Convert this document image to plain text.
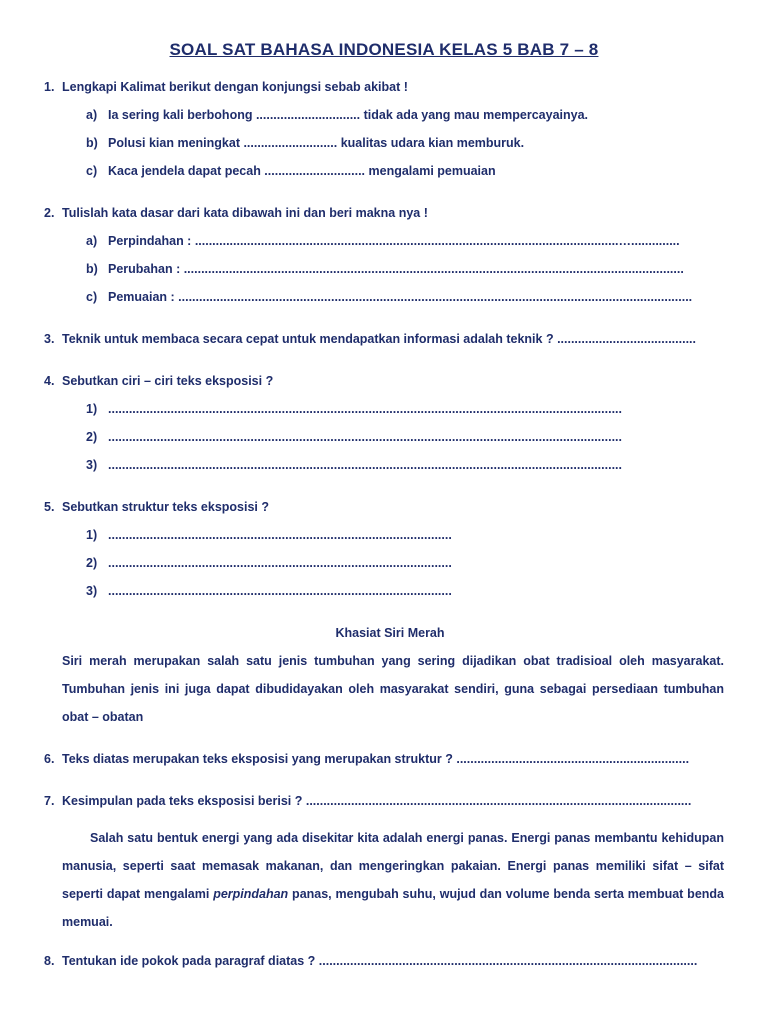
SOAL SAT BAHASA INDONESIA KELAS 5 BAB 7 – 8
1. Lengkapi Kalimat berikut dengan konjungsi sebab akibat !
a) Ia sering kali berbohong .............................. tidak ada yang mau mempercayainya.
b) Polusi kian meningkat ........................... kualitas udara kian memburuk.
c) Kaca jendela dapat pecah ............................. mengalami pemuaian
2. Tulislah kata dasar dari kata dibawah ini dan beri makna nya !
a) Perpindahan : ..........................................................................................................................…..............
b) Perubahan : ................................................................................................................................................
c) Pemuaian : ....................................................................................................................................................
3. Teknik untuk membaca secara cepat untuk mendapatkan informasi adalah teknik ? ........................................
4. Sebutkan ciri – ciri teks eksposisi ?
1) ....................................................................................................................................................
2) ....................................................................................................................................................
3) ....................................................................................................................................................
5. Sebutkan struktur teks eksposisi ?
1) ...................................................................................................
2) ...................................................................................................
3) ...................................................................................................
Khasiat Siri Merah
Siri merah merupakan salah satu jenis tumbuhan yang sering dijadikan obat tradisioal oleh masyarakat. Tumbuhan jenis ini juga dapat dibudidayakan oleh masyarakat sendiri, guna sebagai persediaan tumbuhan obat – obatan
6. Teks diatas merupakan teks eksposisi yang merupakan struktur ? ...................................................................
7. Kesimpulan pada teks eksposisi berisi ? ...............................................................................................................
Salah satu bentuk energi yang ada disekitar kita adalah energi panas. Energi panas membantu kehidupan manusia, seperti saat memasak makanan, dan mengeringkan pakaian. Energi panas memiliki sifat – sifat seperti dapat mengalami perpindahan panas, mengubah suhu, wujud dan volume benda serta membuat benda memuai.
8. Tentukan ide pokok pada paragraf diatas ? .............................................................................................................
